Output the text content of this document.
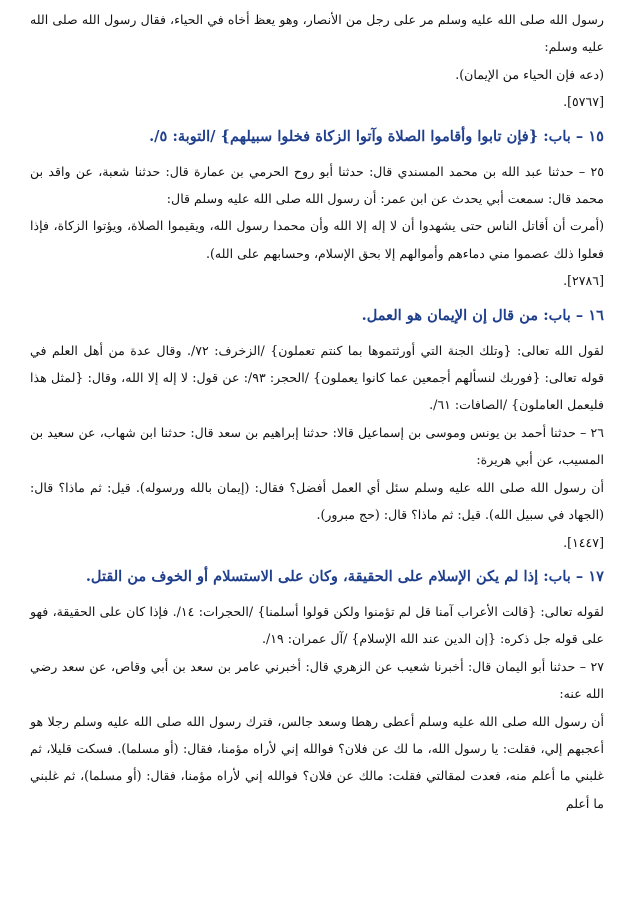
رسول الله صلى الله عليه وسلم مر على رجل من الأنصار، وهو يعظ أخاه في الحياء، فقال رسول الله صلى الله عليه وسلم:

(دعه فإن الحياء من الإيمان).

[٥٧٦٧].

١٥ – باب: {فإن تابوا وأقاموا الصلاة وآتوا الزكاة فخلوا سبيلهم} /التوبة: ٥/.

٢٥ – حدثنا عبد الله بن محمد المسندي قال: حدثنا أبو روح الحرمي بن عمارة قال: حدثنا شعبة، عن واقد بن محمد قال: سمعت أبي يحدث عن ابن عمر: أن رسول الله صلى الله عليه وسلم قال:

(أمرت أن أقاتل الناس حتى يشهدوا أن لا إله إلا الله وأن محمدا رسول الله، ويقيموا الصلاة، ويؤتوا الزكاة، فإذا فعلوا ذلك عصموا مني دماءهم وأموالهم إلا بحق الإسلام، وحسابهم على الله).

[٢٧٨٦].

١٦ – باب: من قال إن الإيمان هو العمل.

لقول الله تعالى: {وتلك الجنة التي أورثتموها بما كنتم تعملون} /الزخرف: ٧٢/. وقال عدة من أهل العلم في قوله تعالى: {فوربك لنسألهم أجمعين عما كانوا يعملون} /الحجر: ٩٣/: عن قول: لا إله إلا الله، وقال: {لمثل هذا فليعمل العاملون} /الصافات: ٦١/.

٢٦ – حدثنا أحمد بن يونس وموسى بن إسماعيل قالا: حدثنا إبراهيم بن سعد قال: حدثنا ابن شهاب، عن سعيد بن المسيب، عن أبي هريرة:

أن رسول الله صلى الله عليه وسلم سئل أي العمل أفضل؟ فقال: (إيمان بالله ورسوله). قيل: ثم ماذا؟ قال: (الجهاد في سبيل الله). قيل: ثم ماذا؟ قال: (حج مبرور).

[١٤٤٧].

١٧ – باب: إذا لم يكن الإسلام على الحقيقة، وكان على الاستسلام أو الخوف من القتل.

لقوله تعالى: {قالت الأعراب آمنا قل لم تؤمنوا ولكن قولوا أسلمنا} /الحجرات: ١٤/. فإذا كان على الحقيقة، فهو على قوله جل ذكره: {إن الدين عند الله الإسلام} /آل عمران: ١٩/.

٢٧ – حدثنا أبو اليمان قال: أخبرنا شعيب عن الزهري قال: أخبرني عامر بن سعد بن أبي وقاص، عن سعد رضي الله عنه:

أن رسول الله صلى الله عليه وسلم أعطى رهطا وسعد جالس، فترك رسول الله صلى الله عليه وسلم رجلا هو أعجبهم إلي، فقلت: يا رسول الله، ما لك عن فلان؟ فوالله إني لأراه مؤمنا، فقال: (أو مسلما). فسكت قليلا، ثم غلبني ما أعلم منه، فعدت لمقالتي فقلت: مالك عن فلان؟ فوالله إني لأراه مؤمنا، فقال: (أو مسلما)، ثم غلبني ما أعلم
